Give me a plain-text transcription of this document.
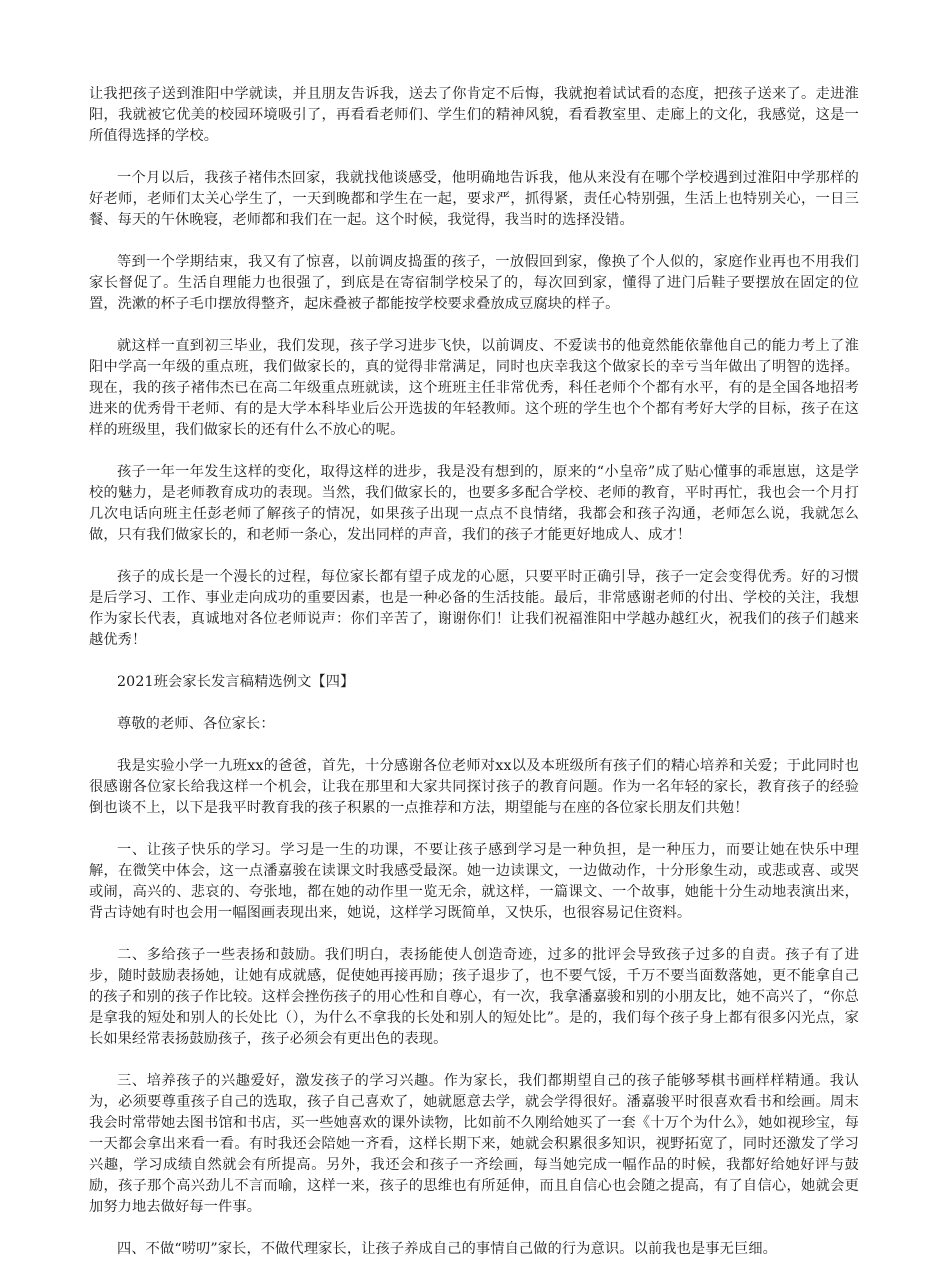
让我把孩子送到淮阳中学就读，并且朋友告诉我，送去了你肯定不后悔，我就抱着试试看的态度，把孩子送来了。走进淮阳，我就被它优美的校园环境吸引了，再看看老师们、学生们的精神风貌，看看教室里、走廊上的文化，我感觉，这是一所值得选择的学校。

一个月以后，我孩子褚伟杰回家，我就找他谈感受，他明确地告诉我，他从来没有在哪个学校遇到过淮阳中学那样的好老师，老师们太关心学生了，一天到晚都和学生在一起，要求严，抓得紧，责任心特别强，生活上也特别关心，一日三餐、每天的午休晚寝，老师都和我们在一起。这个时候，我觉得，我当时的选择没错。

等到一个学期结束，我又有了惊喜，以前调皮捣蛋的孩子，一放假回到家，像换了个人似的，家庭作业再也不用我们家长督促了。生活自理能力也很强了，到底是在寄宿制学校呆了的，每次回到家，懂得了进门后鞋子要摆放在固定的位置，洗漱的杯子毛巾摆放得整齐，起床叠被子都能按学校要求叠放成豆腐块的样子。

就这样一直到初三毕业，我们发现，孩子学习进步飞快，以前调皮、不爱读书的他竟然能依靠他自己的能力考上了淮阳中学高一年级的重点班，我们做家长的，真的觉得非常满足，同时也庆幸我这个做家长的幸亏当年做出了明智的选择。现在，我的孩子褚伟杰已在高二年级重点班就读，这个班班主任非常优秀，科任老师个个都有水平，有的是全国各地招考进来的优秀骨干老师、有的是大学本科毕业后公开选拔的年轻教师。这个班的学生也个个都有考好大学的目标，孩子在这样的班级里，我们做家长的还有什么不放心的呢。

孩子一年一年发生这样的变化，取得这样的进步，我是没有想到的，原来的“小皇帝”成了贴心懂事的乖崽崽，这是学校的魅力，是老师教育成功的表现。当然，我们做家长的，也要多多配合学校、老师的教育，平时再忙，我也会一个月打几次电话向班主任彭老师了解孩子的情况，如果孩子出现一点点不良情绪，我都会和孩子沟通，老师怎么说，我就怎么做，只有我们做家长的，和老师一条心，发出同样的声音，我们的孩子才能更好地成人、成才！

孩子的成长是一个漫长的过程，每位家长都有望子成龙的心愿，只要平时正确引导，孩子一定会变得优秀。好的习惯是后学习、工作、事业走向成功的重要因素，也是一种必备的生活技能。最后，非常感谢老师的付出、学校的关注，我想作为家长代表，真诚地对各位老师说声：你们辛苦了，谢谢你们！让我们祝福淮阳中学越办越红火，祝我们的孩子们越来越优秀！

2021班会家长发言稿精选例文【四】

尊敬的老师、各位家长：

我是实验小学一九班xx的爸爸，首先，十分感谢各位老师对xx以及本班级所有孩子们的精心培养和关爱；于此同时也很感谢各位家长给我这样一个机会，让我在那里和大家共同探讨孩子的教育问题。作为一名年轻的家长，教育孩子的经验倒也谈不上，以下是我平时教育我的孩子积累的一点推荐和方法，期望能与在座的各位家长朋友们共勉！

一、让孩子快乐的学习。学习是一生的功课，不要让孩子感到学习是一种负担，是一种压力，而要让她在快乐中理解，在微笑中体会，这一点潘嘉骏在读课文时我感受最深。她一边读课文，一边做动作，十分形象生动，或悲或喜、或哭或闹，高兴的、悲哀的、夸张地，都在她的动作里一览无余，就这样，一篇课文、一个故事，她能十分生动地表演出来，背古诗她有时也会用一幅图画表现出来，她说，这样学习既简单，又快乐，也很容易记住资料。

二、多给孩子一些表扬和鼓励。我们明白，表扬能使人创造奇迹，过多的批评会导致孩子过多的自责。孩子有了进步，随时鼓励表扬她，让她有成就感，促使她再接再励；孩子退步了，也不要气馁，千万不要当面数落她，更不能拿自己的孩子和别的孩子作比较。这样会挫伤孩子的用心性和自尊心，有一次，我拿潘嘉骏和别的小朋友比，她不高兴了，“你总是拿我的短处和别人的长处比（），为什么不拿我的长处和别人的短处比”。是的，我们每个孩子身上都有很多闪光点，家长如果经常表扬鼓励孩子，孩子必须会有更出色的表现。

三、培养孩子的兴趣爱好，激发孩子的学习兴趣。作为家长，我们都期望自己的孩子能够琴棋书画样样精通。我认为，必须要尊重孩子自己的选取，孩子自己喜欢了，她就愿意去学，就会学得很好。潘嘉骏平时很喜欢看书和绘画。周末我会时常带她去图书馆和书店，买一些她喜欢的课外读物，比如前不久刚给她买了一套《十万个为什么》，她如视珍宝，每一天都会拿出来看一看。有时我还会陪她一齐看，这样长期下来，她就会积累很多知识，视野拓宽了，同时还激发了学习兴趣，学习成绩自然就会有所提高。另外，我还会和孩子一齐绘画，每当她完成一幅作品的时候，我都好给她好评与鼓励，孩子那个高兴劲儿不言而喻，这样一来，孩子的思维也有所延伸，而且自信心也会随之提高，有了自信心，她就会更加努力地去做好每一件事。

四、不做“唠叨”家长，不做代理家长，让孩子养成自己的事情自己做的行为意识。以前我也是事无巨细。
